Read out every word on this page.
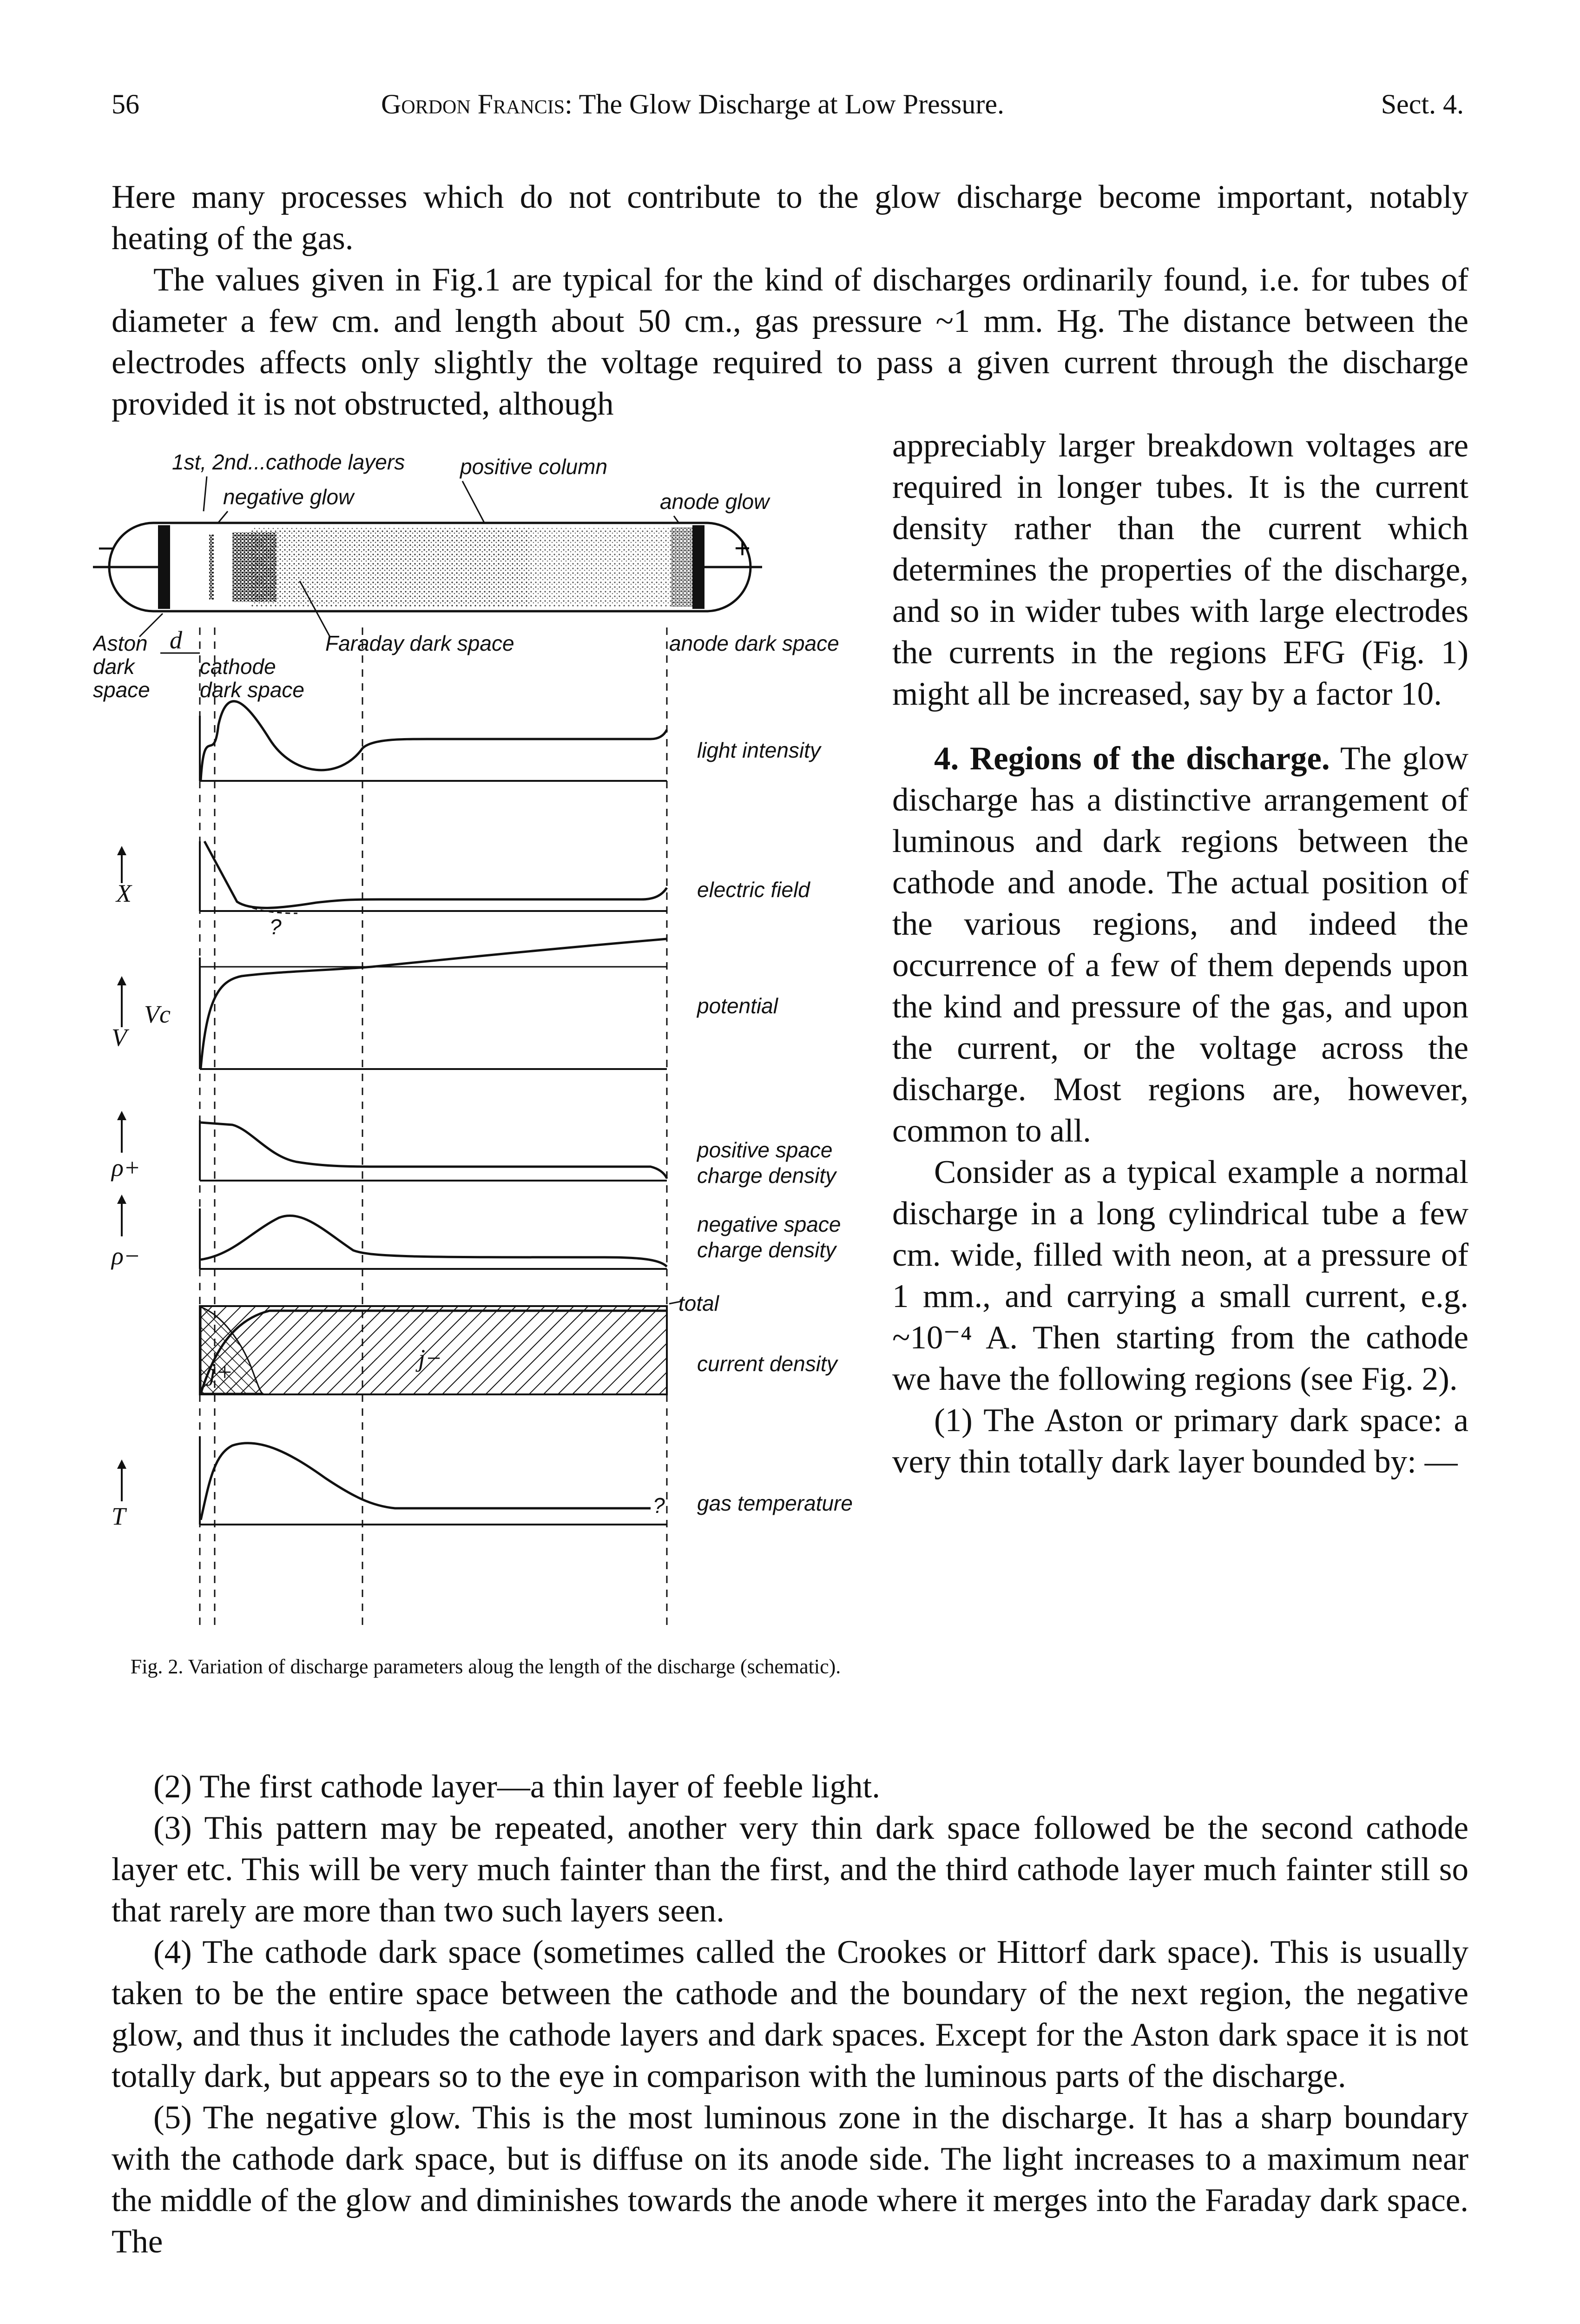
56	Gordon Francis: The Glow Discharge at Low Pressure.	Sect. 4.

Here many processes which do not contribute to the glow discharge become important, notably heating of the gas.

The values given in Fig.1 are typical for the kind of discharges ordinarily found, i.e. for tubes of diameter a few cm. and length about 50 cm., gas pressure ~1 mm. Hg. The distance between the electrodes affects only slightly the voltage required to pass a given current through the discharge provided it is not obstructed, although

appreciably larger breakdown voltages are required in longer tubes. It is the current density rather than the current which determines the properties of the discharge, and so in wider tubes with large electrodes the currents in the regions EFG (Fig. 1) might all be increased, say by a factor 10.

4. Regions of the discharge. The glow discharge has a distinctive arrangement of luminous and dark regions between the cathode and anode. The actual position of the various regions, and indeed the occurrence of a few of them depends upon the kind and pressure of the gas, and upon the current, or the voltage across the discharge. Most regions are, however, common to all.

Consider as a typical example a normal discharge in a long cylindrical tube a few cm. wide, filled with neon, at a pressure of 1 mm., and carrying a small current, e.g. ~10⁻⁴ A. Then starting from the cathode we have the following regions (see Fig. 2).

(1) The Aston or primary dark space: a very thin totally dark layer bounded by: —

(2) The first cathode layer—a thin layer of feeble light.

(3) This pattern may be repeated, another very thin dark space followed be the second cathode layer etc. This will be very much fainter than the first, and the third cathode layer much fainter still so that rarely are more than two such layers seen.

(4) The cathode dark space (sometimes called the Crookes or Hittorf dark space). This is usually taken to be the entire space between the cathode and the boundary of the next region, the negative glow, and thus it includes the cathode layers and dark spaces. Except for the Aston dark space it is not totally dark, but appears so to the eye in comparison with the luminous parts of the discharge.

(5) The negative glow. This is the most luminous zone in the discharge. It has a sharp boundary with the cathode dark space, but is diffuse on its anode side. The light increases to a maximum near the middle of the glow and diminishes towards the anode where it merges into the Faraday dark space. The

1st, 2nd...cathode layers	positive column
negative glow	anode glow
−	+
Aston
dark
space
d
cathode
dark space
Faraday dark space	anode dark space
light intensity
?
electric field
X
potential
V
Vc
positive space
charge density
ρ+
negative space
charge density
ρ−
j+	j−
total
current density
? gas temperature
T
Fig. 2. Variation of discharge parameters aloug the length of the discharge (schematic).
